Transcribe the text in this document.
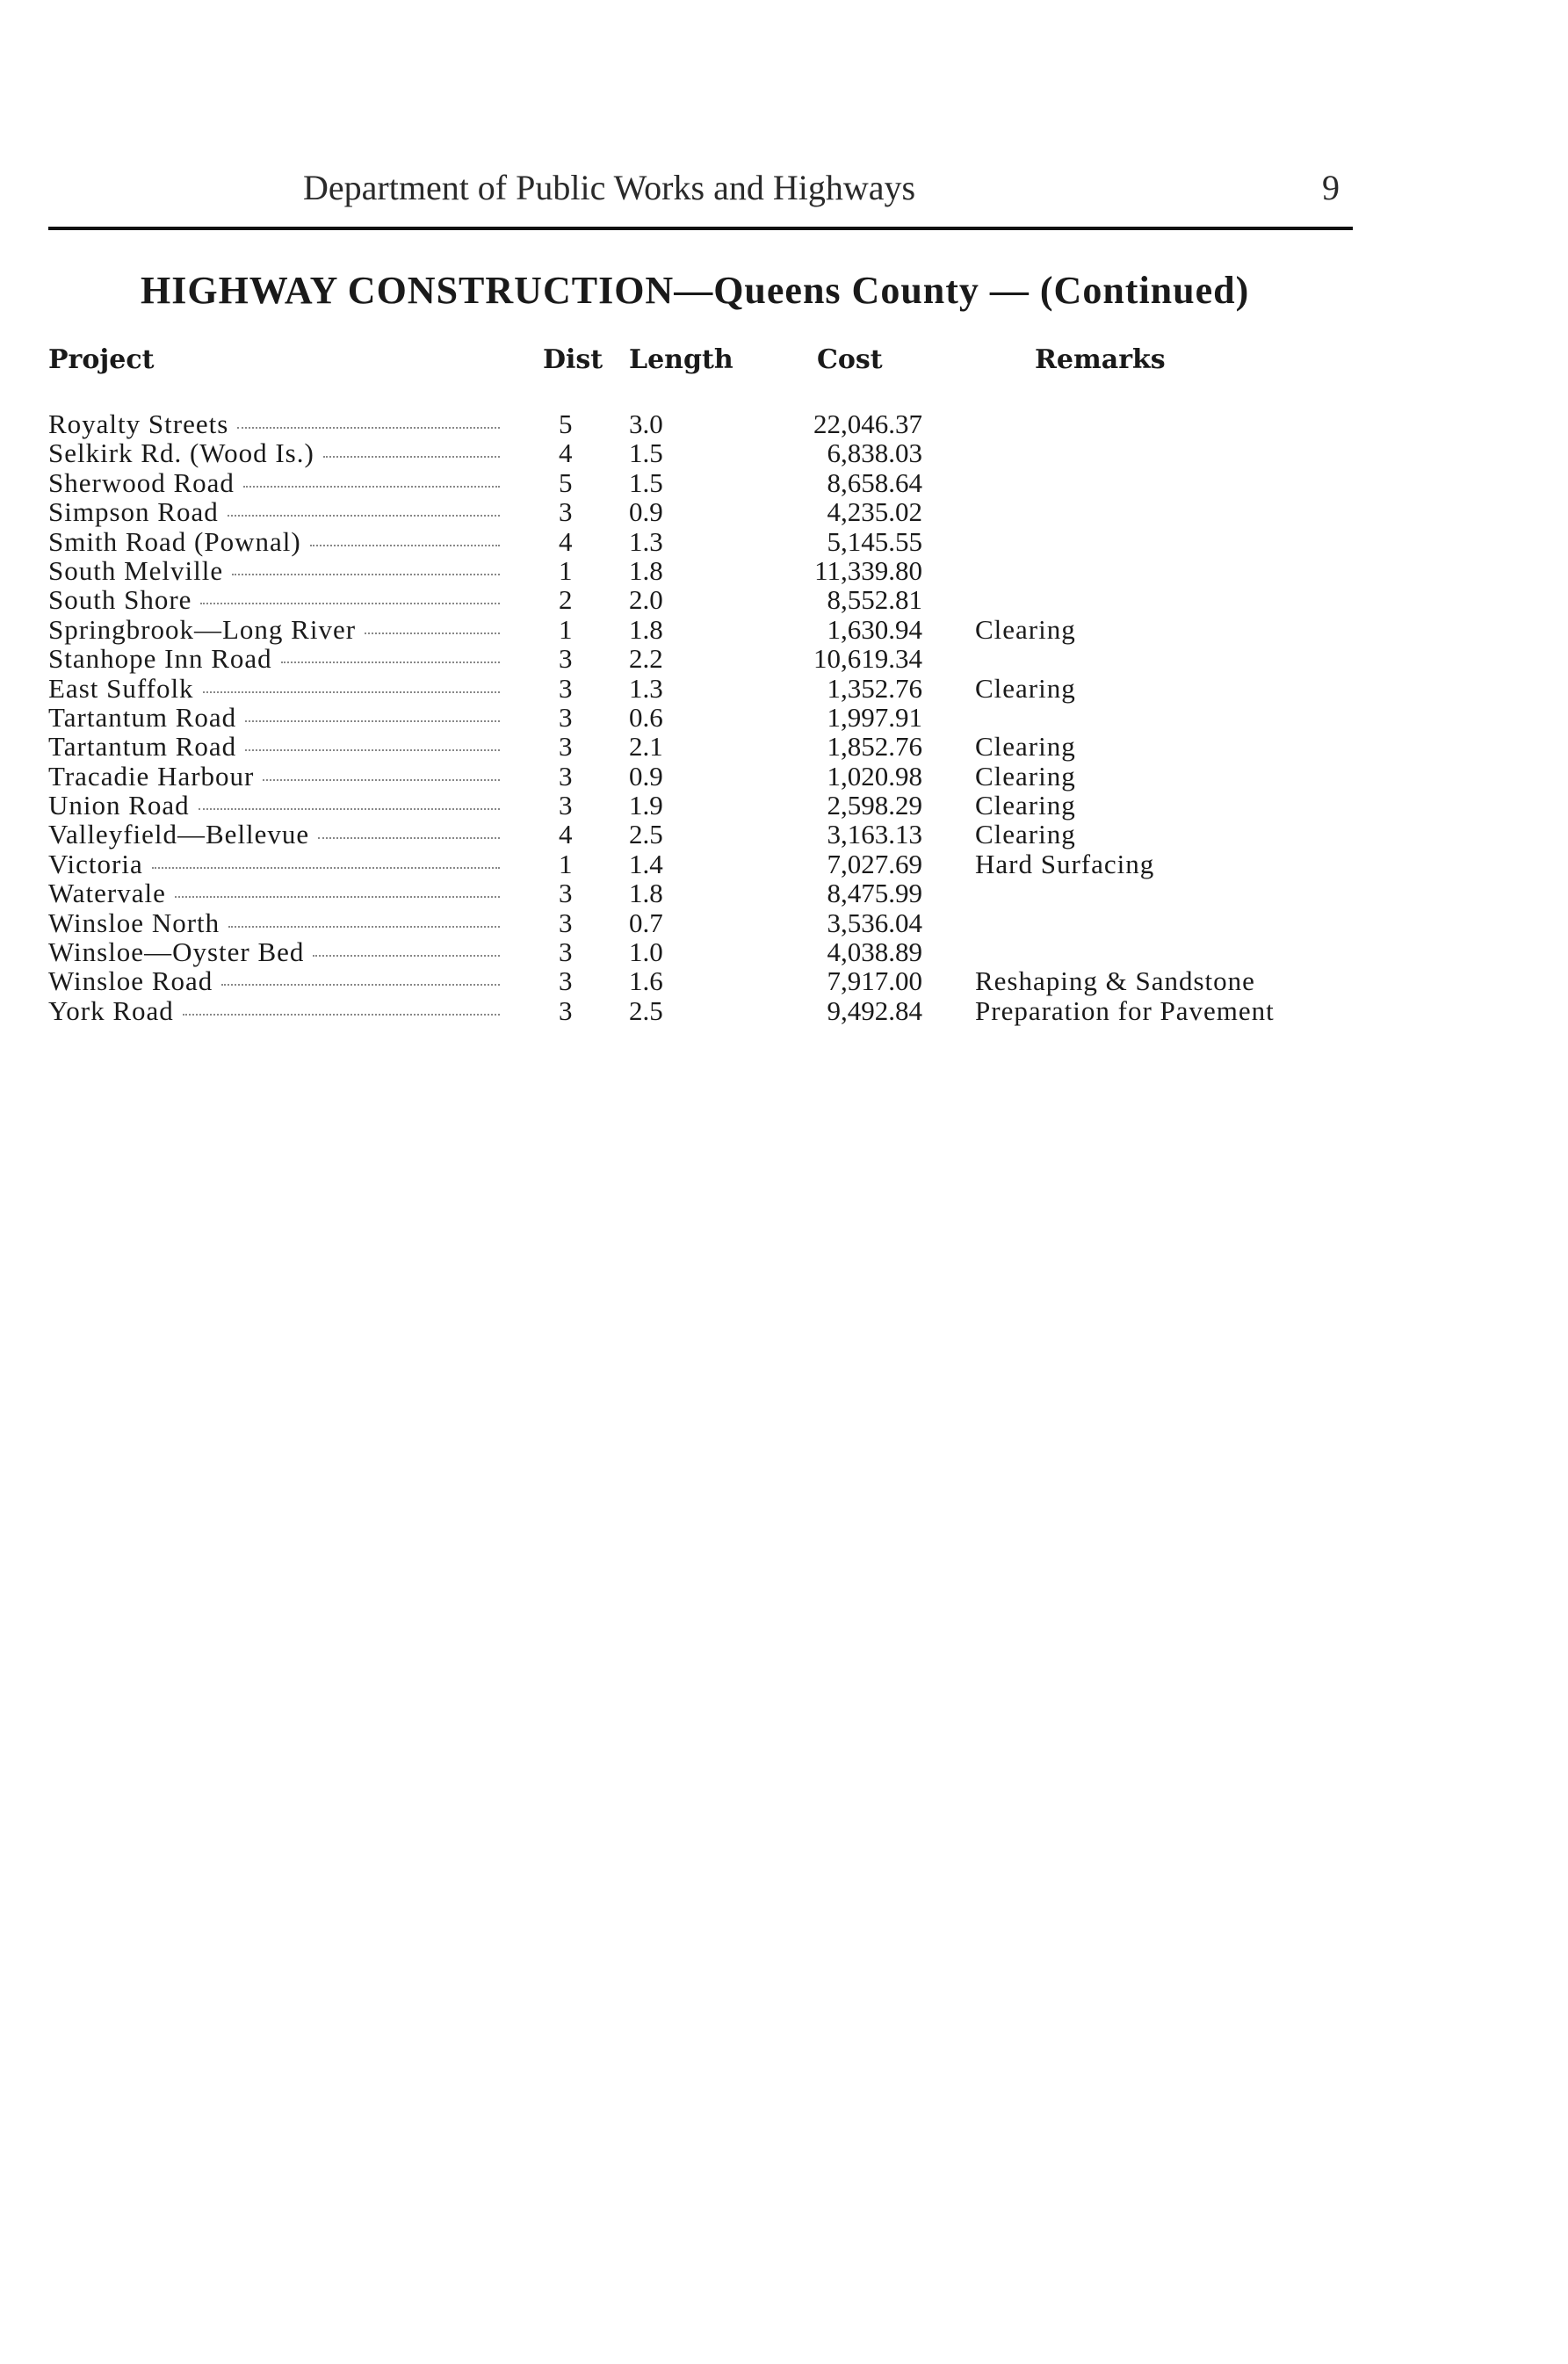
Department of Public Works and Highways	9
HIGHWAY CONSTRUCTION—Queens County — (Continued)
Project	Dist Length	Cost	Remarks
Royalty Streets	5 3.0	22,046.37
Selkirk Rd. (Wood Is.)	4 1.5	6,838.03
Sherwood Road	5 1.5	8,658.64
Simpson Road	3 0.9	4,235.02
Smith Road (Pownal)	4 1.3	5,145.55
South Melville	1 1.8	11,339.80
South Shore	2 2.0	8,552.81
Springbrook—Long River	1 1.8	1,630.94 Clearing
Stanhope Inn Road	3 2.2	10,619.34
East Suffolk	3 1.3	1,352.76 Clearing
Tartantum Road	3 0.6	1,997.91
Tartantum Road	3 2.1	1,852.76 Clearing
Tracadie Harbour	3 0.9	1,020.98 Clearing
Union Road	3 1.9	2,598.29 Clearing
Valleyfield—Bellevue	4 2.5	3,163.13 Clearing
Victoria	1 1.4	7,027.69 Hard Surfacing
Watervale	3 1.8	8,475.99
Winsloe North	3 0.7	3,536.04
Winsloe—Oyster Bed	3 1.0	4,038.89
Winsloe Road	3 1.6	7,917.00 Reshaping & Sandstone
York Road	3 2.5	9,492.84 Preparation for Pavement
